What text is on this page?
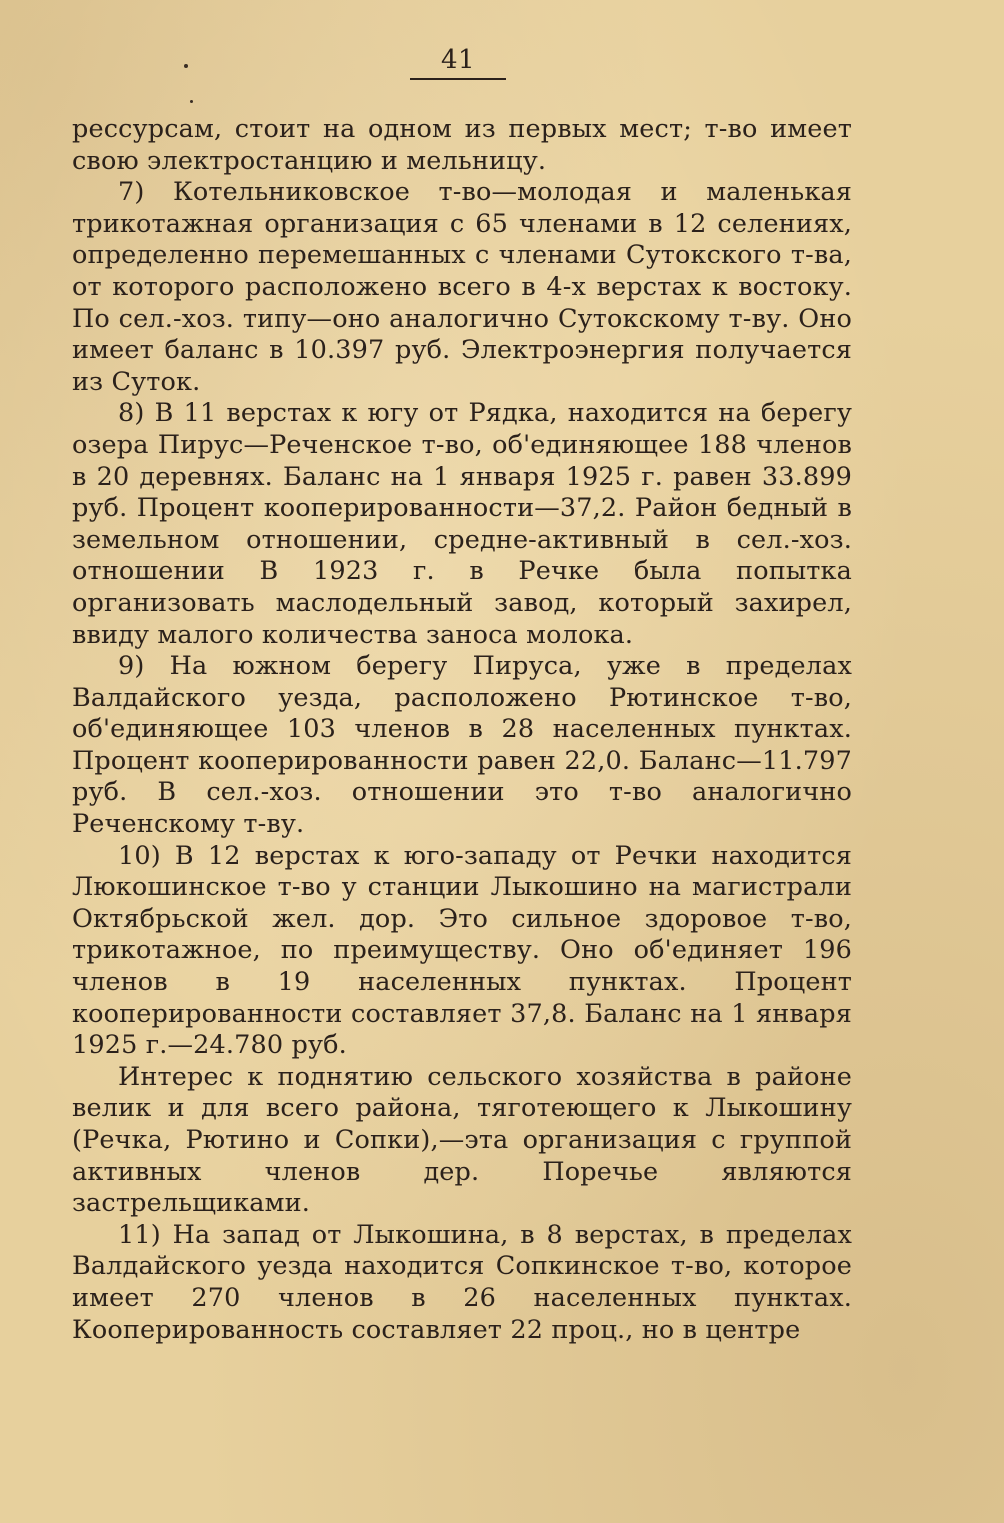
41

рессурсам, стоит на одном из первых мест; т-во имеет свою электростанцию и мельницу.

7) Котельниковское т-во—молодая и маленькая трикотажная организация с 65 членами в 12 селениях, определенно перемешанных с членами Сутокского т-ва, от которого расположено всего в 4-х верстах к востоку. По сел.-хоз. типу—оно аналогично Сутокскому т-ву. Оно имеет баланс в 10.397 руб. Электроэнергия получается из Суток.

8) В 11 верстах к югу от Рядка, находится на берегу озера Пирус—Реченское т-во, об'единяющее 188 членов в 20 деревнях. Баланс на 1 января 1925 г. равен 33.899 руб. Процент кооперированности—37,2. Район бедный в земельном отношении, средне-активный в сел.-хоз. отношении В 1923 г. в Речке была попытка организовать маслодельный завод, который захирел, ввиду малого количества заноса молока.

9) На южном берегу Пируса, уже в пределах Валдайского уезда, расположено Рютинское т-во, об'единяющее 103 членов в 28 населенных пунктах. Процент кооперированности равен 22,0. Баланс—11.797 руб. В сел.-хоз. отношении это т-во аналогично Реченскому т-ву.

10) В 12 верстах к юго-западу от Речки находится Люкошинское т-во у станции Лыкошино на магистрали Октябрьской жел. дор. Это сильное здоровое т-во, трикотажное, по преимуществу. Оно об'единяет 196 членов в 19 населенных пунктах. Процент кооперированности составляет 37,8. Баланс на 1 января 1925 г.—24.780 руб.

Интерес к поднятию сельского хозяйства в районе велик и для всего района, тяготеющего к Лыкошину (Речка, Рютино и Сопки),—эта организация с группой активных членов дер. Поречье являются застрельщиками.

11) На запад от Лыкошина, в 8 верстах, в пределах Валдайского уезда находится Сопкинское т-во, которое имеет 270 членов в 26 населенных пунктах. Кооперированность составляет 22 проц., но в центре
